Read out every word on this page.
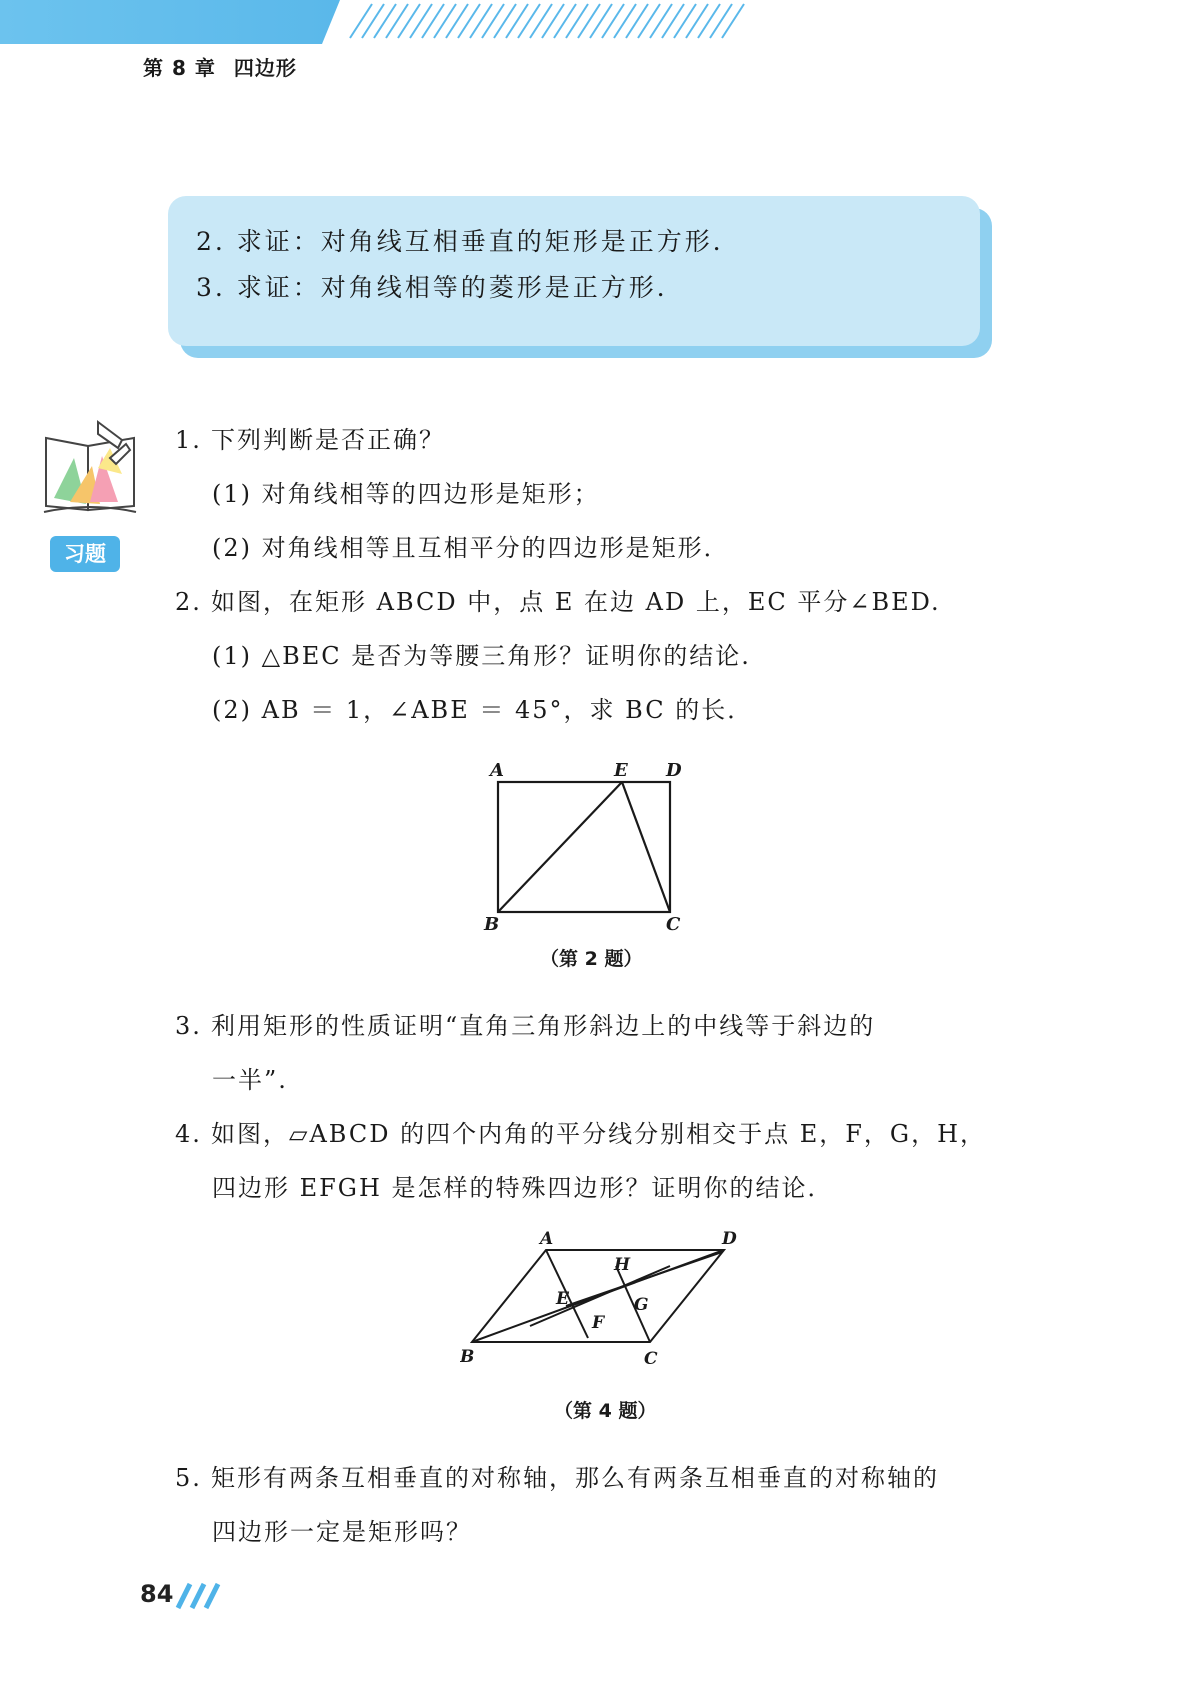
第 8 章 四边形
2. 求证：对角线互相垂直的矩形是正方形．
3. 求证：对角线相等的菱形是正方形．
习题
1. 下列判断是否正确？
(1) 对角线相等的四边形是矩形；
(2) 对角线相等且互相平分的四边形是矩形．
2. 如图，在矩形 ABCD 中，点 E 在边 AD 上，EC 平分∠BED.
(1) △BEC 是否为等腰三角形？证明你的结论.
(2) AB ＝ 1，∠ABE ＝ 45°，求 BC 的长．
A	E D
B	C
（第 2 题）
3. 利用矩形的性质证明“直角三角形斜边上的中线等于斜边的
一半”.
4. 如图，▱ABCD 的四个内角的平分线分别相交于点 E，F，G，H，
四边形 EFGH 是怎样的特殊四边形？证明你的结论．
A	D
H
E	G
F
B	C
（第 4 题）
5. 矩形有两条互相垂直的对称轴，那么有两条互相垂直的对称轴的
四边形一定是矩形吗？
84
